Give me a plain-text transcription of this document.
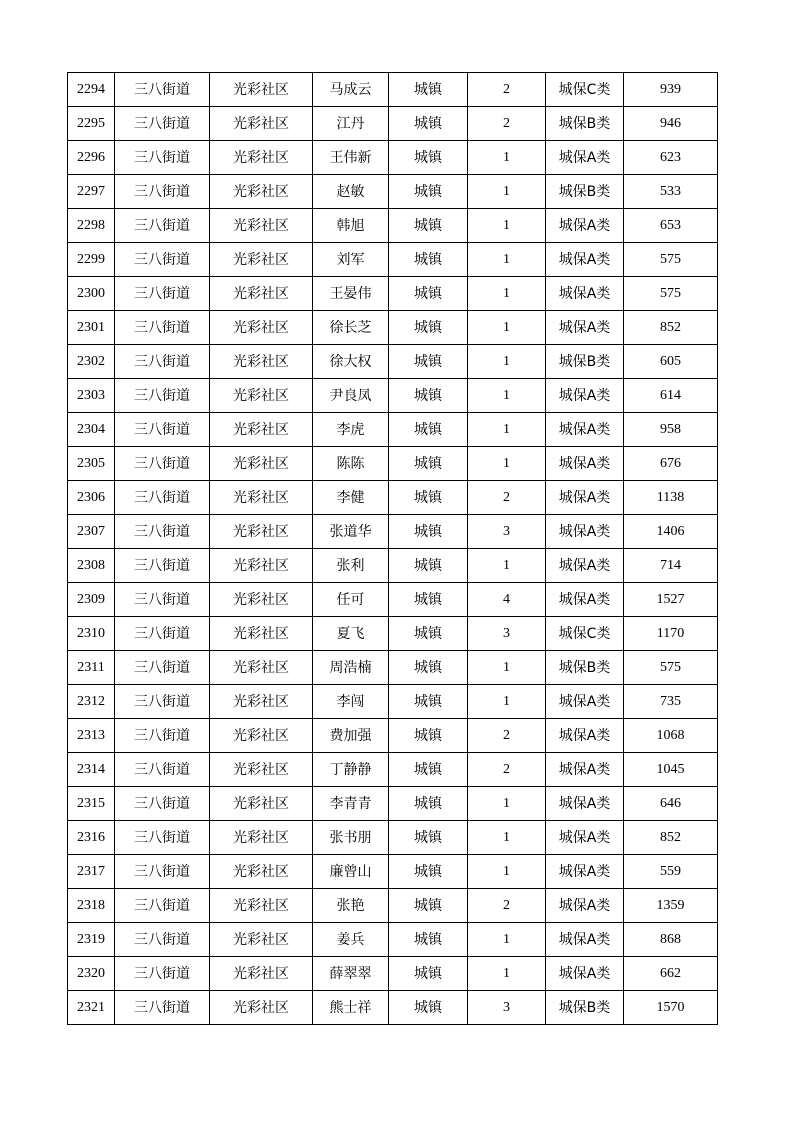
2294	三八街道	光彩社区	马成云	城镇	2	城保C类	939
2295	三八街道	光彩社区	江丹	城镇	2	城保B类	946
2296	三八街道	光彩社区	王伟新	城镇	1	城保A类	623
2297	三八街道	光彩社区	赵敏	城镇	1	城保B类	533
2298	三八街道	光彩社区	韩旭	城镇	1	城保A类	653
2299	三八街道	光彩社区	刘军	城镇	1	城保A类	575
2300	三八街道	光彩社区	王晏伟	城镇	1	城保A类	575
2301	三八街道	光彩社区	徐长芝	城镇	1	城保A类	852
2302	三八街道	光彩社区	徐大权	城镇	1	城保B类	605
2303	三八街道	光彩社区	尹良凤	城镇	1	城保A类	614
2304	三八街道	光彩社区	李虎	城镇	1	城保A类	958
2305	三八街道	光彩社区	陈陈	城镇	1	城保A类	676
2306	三八街道	光彩社区	李健	城镇	2	城保A类	1138
2307	三八街道	光彩社区	张道华	城镇	3	城保A类	1406
2308	三八街道	光彩社区	张利	城镇	1	城保A类	714
2309	三八街道	光彩社区	任可	城镇	4	城保A类	1527
2310	三八街道	光彩社区	夏飞	城镇	3	城保C类	1170
2311	三八街道	光彩社区	周浩楠	城镇	1	城保B类	575
2312	三八街道	光彩社区	李闯	城镇	1	城保A类	735
2313	三八街道	光彩社区	费加强	城镇	2	城保A类	1068
2314	三八街道	光彩社区	丁静静	城镇	2	城保A类	1045
2315	三八街道	光彩社区	李青青	城镇	1	城保A类	646
2316	三八街道	光彩社区	张书朋	城镇	1	城保A类	852
2317	三八街道	光彩社区	廉曾山	城镇	1	城保A类	559
2318	三八街道	光彩社区	张艳	城镇	2	城保A类	1359
2319	三八街道	光彩社区	姜兵	城镇	1	城保A类	868
2320	三八街道	光彩社区	薛翠翠	城镇	1	城保A类	662
2321	三八街道	光彩社区	熊士祥	城镇	3	城保B类	1570
